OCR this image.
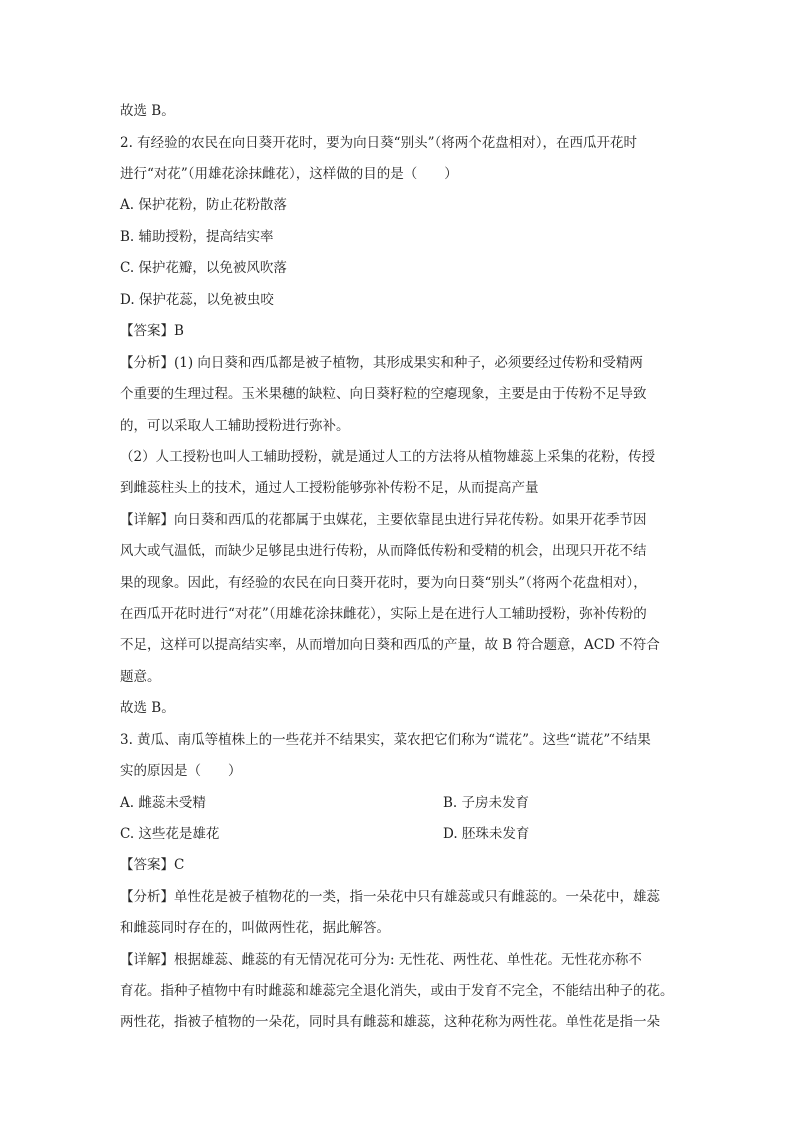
故选 B。
2. 有经验的农民在向日葵开花时，要为向日葵“别头”（将两个花盘相对），在西瓜开花时
进行“对花”（用雄花涂抹雌花），这样做的目的是（　　）
A. 保护花粉，防止花粉散落
B. 辅助授粉，提高结实率
C. 保护花瓣，以免被风吹落
D. 保护花蕊，以免被虫咬
【答案】B
【分析】(1) 向日葵和西瓜都是被子植物，其形成果实和种子，必须要经过传粉和受精两
个重要的生理过程。玉米果穗的缺粒、向日葵籽粒的空瘪现象，主要是由于传粉不足导致
的，可以采取人工辅助授粉进行弥补。
（2）人工授粉也叫人工辅助授粉，就是通过人工的方法将从植物雄蕊上采集的花粉，传授
到雌蕊柱头上的技术，通过人工授粉能够弥补传粉不足，从而提高产量
【详解】向日葵和西瓜的花都属于虫媒花，主要依靠昆虫进行异花传粉。如果开花季节因
风大或气温低，而缺少足够昆虫进行传粉，从而降低传粉和受精的机会，出现只开花不结
果的现象。因此，有经验的农民在向日葵开花时，要为向日葵“别头”（将两个花盘相对），
在西瓜开花时进行“对花”（用雄花涂抹雌花），实际上是在进行人工辅助授粉，弥补传粉的
不足，这样可以提高结实率，从而增加向日葵和西瓜的产量，故 B 符合题意，ACD 不符合
题意。
故选 B。
3. 黄瓜、南瓜等植株上的一些花并不结果实，菜农把它们称为“谎花”。这些“谎花”不结果
实的原因是（　　）
A. 雌蕊未受精	B. 子房未发育
C. 这些花是雄花	D. 胚珠未发育
【答案】C
【分析】单性花是被子植物花的一类，指一朵花中只有雄蕊或只有雌蕊的。一朵花中，雄蕊
和雌蕊同时存在的，叫做两性花，据此解答。
【详解】根据雄蕊、雌蕊的有无情况花可分为: 无性花、两性花、单性花。无性花亦称不
育花。指种子植物中有时雌蕊和雄蕊完全退化消失，或由于发育不完全，不能结出种子的花。
两性花，指被子植物的一朵花，同时具有雌蕊和雄蕊，这种花称为两性花。单性花是指一朵
